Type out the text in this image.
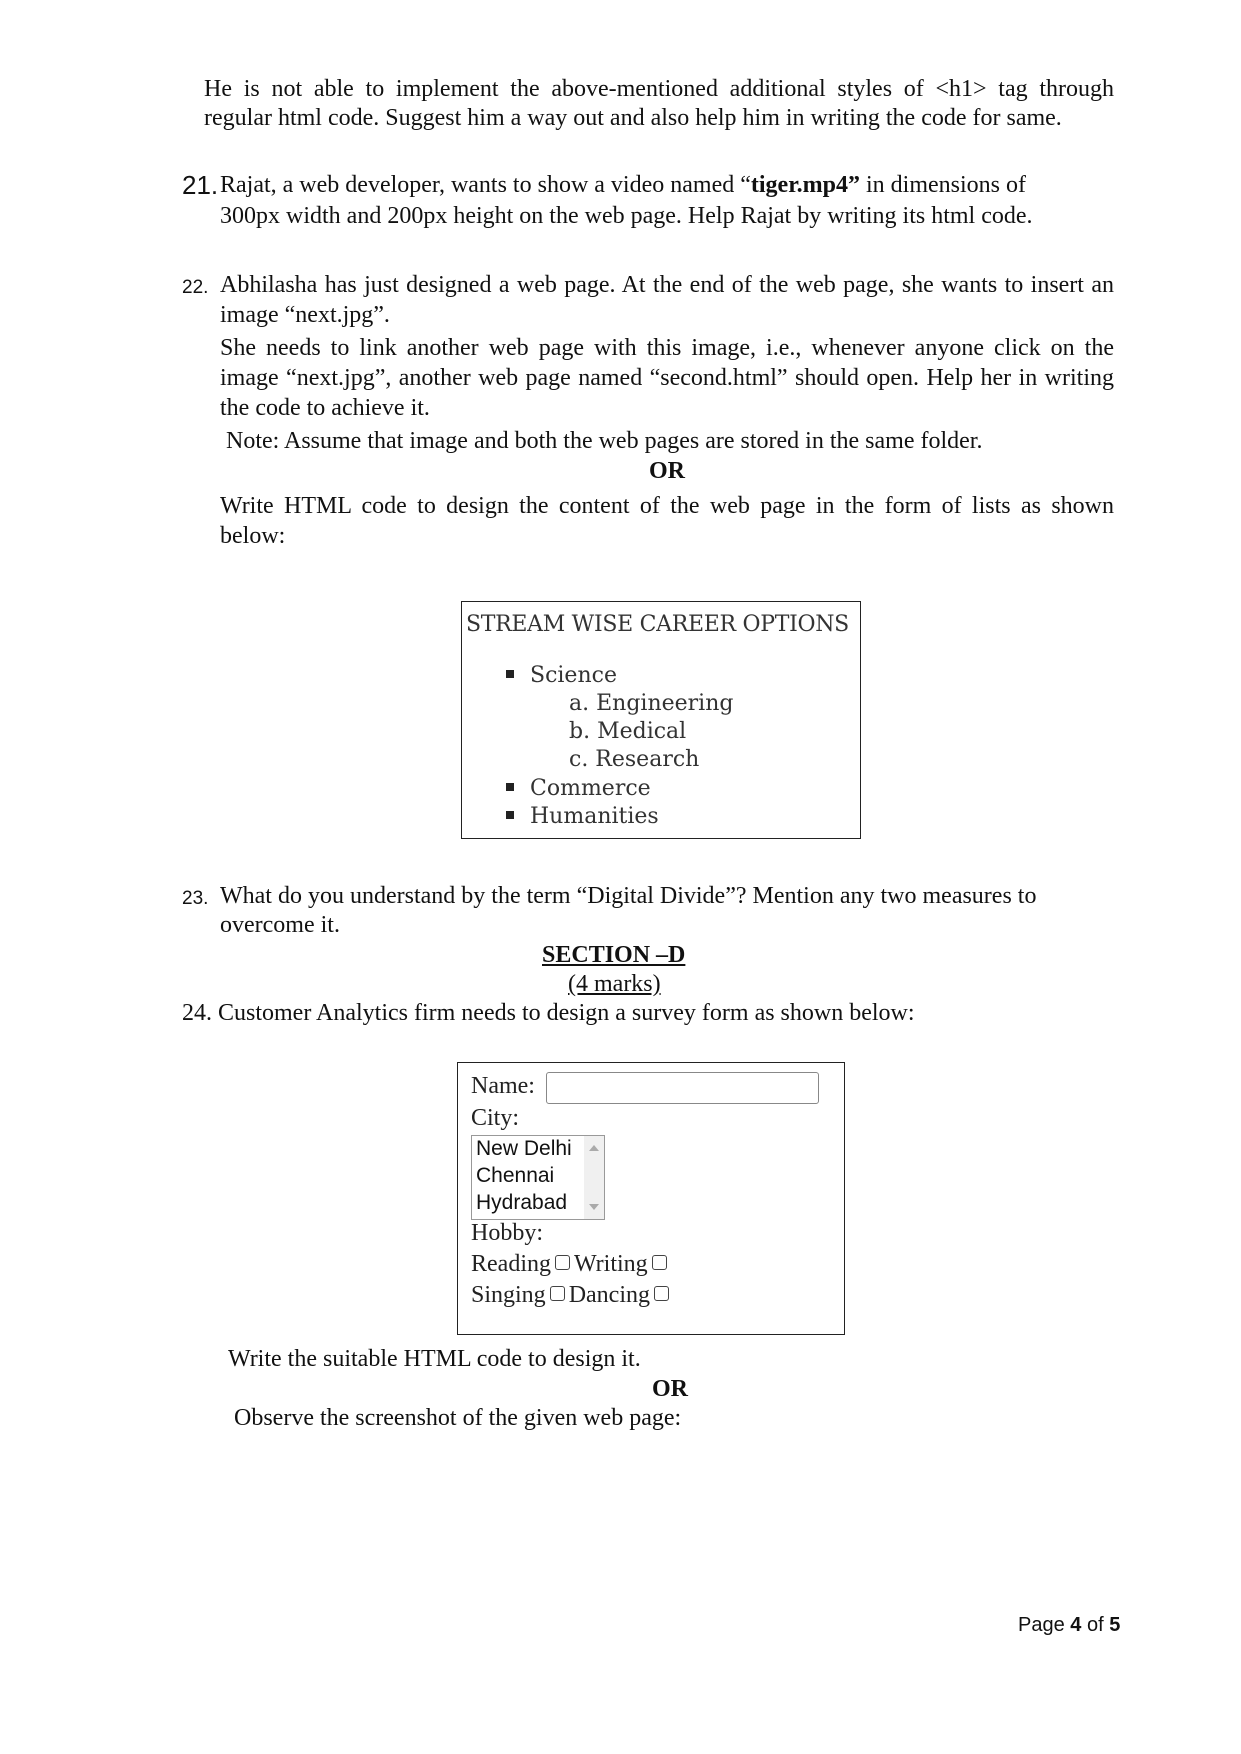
He is not able to implement the above-mentioned additional styles of <h1> tag through
regular html code. Suggest him a way out and also help him in writing the code for same.
21. Rajat, a web developer, wants to show a video named “tiger.mp4” in dimensions of
300px width and 200px height on the web page. Help Rajat by writing its html code.
22. Abhilasha has just designed a web page. At the end of the web page, she wants to insert an
image “next.jpg”.
She needs to link another web page with this image, i.e., whenever anyone click on the
image “next.jpg”, another web page named “second.html” should open. Help her in writing
the code to achieve it.
Note: Assume that image and both the web pages are stored in the same folder.
OR
Write HTML code to design the content of the web page in the form of lists as shown
below:
STREAM WISE CAREER OPTIONS
Science
a. Engineering
b. Medical
c. Research
Commerce
Humanities
23. What do you understand by the term “Digital Divide”? Mention any two measures to
overcome it.
SECTION –D
(4 marks)
24. Customer Analytics firm needs to design a survey form as shown below:
Name:
City:
New Delhi
Chennai
Hydrabad
Hobby:
Reading Writing
Singing Dancing
Write the suitable HTML code to design it.
OR
Observe the screenshot of the given web page:
Page 4 of 5
